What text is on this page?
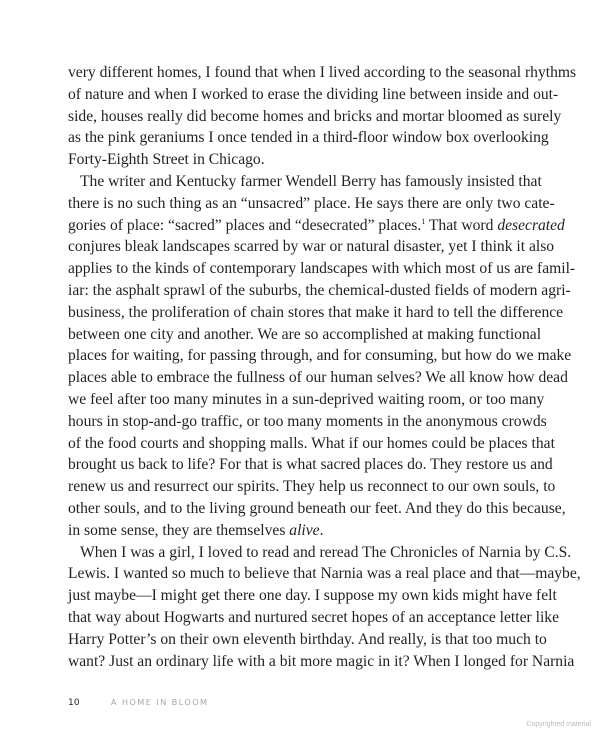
very different homes, I found that when I lived according to the seasonal rhythms
of nature and when I worked to erase the dividing line between inside and out-
side, houses really did become homes and bricks and mortar bloomed as surely
as the pink geraniums I once tended in a third-floor window box overlooking
Forty-Eighth Street in Chicago.

The writer and Kentucky farmer Wendell Berry has famously insisted that
there is no such thing as an “unsacred” place. He says there are only two cate-
gories of place: “sacred” places and “desecrated” places.$^1$ That word desecrated
conjures bleak landscapes scarred by war or natural disaster, yet I think it also
applies to the kinds of contemporary landscapes with which most of us are famil-
iar: the asphalt sprawl of the suburbs, the chemical-dusted fields of modern agri-
business, the proliferation of chain stores that make it hard to tell the difference
between one city and another. We are so accomplished at making functional
places for waiting, for passing through, and for consuming, but how do we make
places able to embrace the fullness of our human selves? We all know how dead
we feel after too many minutes in a sun-deprived waiting room, or too many
hours in stop-and-go traffic, or too many moments in the anonymous crowds
of the food courts and shopping malls. What if our homes could be places that
brought us back to life? For that is what sacred places do. They restore us and
renew us and resurrect our spirits. They help us reconnect to our own souls, to
other souls, and to the living ground beneath our feet. And they do this because,
in some sense, they are themselves alive.

When I was a girl, I loved to read and reread The Chronicles of Narnia by C.S.
Lewis. I wanted so much to believe that Narnia was a real place and that—maybe,
just maybe—I might get there one day. I suppose my own kids might have felt
that way about Hogwarts and nurtured secret hopes of an acceptance letter like
Harry Potter’s on their own eleventh birthday. And really, is that too much to
want? Just an ordinary life with a bit more magic in it? When I longed for Narnia

10	A HOME IN BLOOM
Copyrighted material
